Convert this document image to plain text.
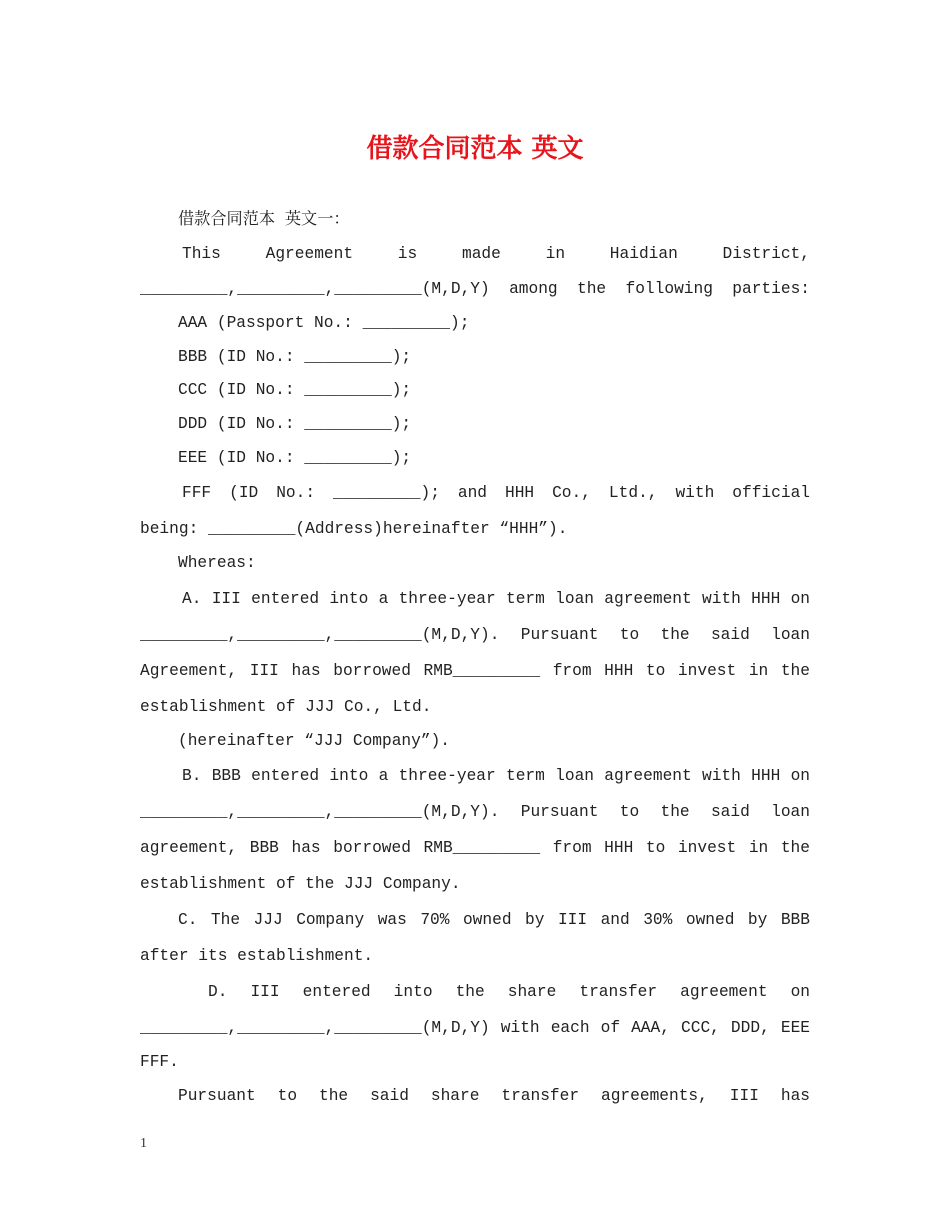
借款合同范本 英文
借款合同范本 英文一：
This Agreement is made in Haidian District,
_________,_________,_________(M,D,Y) among the following parties:
AAA (Passport No.: _________);
BBB (ID No.: _________);
CCC (ID No.: _________);
DDD (ID No.: _________);
EEE (ID No.: _________);
FFF (ID No.: _________); and HHH Co., Ltd., with official
being: _________(Address)hereinafter “HHH”).
Whereas:
A. III entered into a three-year term loan agreement with HHH on
_________,_________,_________(M,D,Y). Pursuant to the said loan
Agreement, III has borrowed RMB_________ from HHH to invest in the
establishment of JJJ Co., Ltd.
(hereinafter “JJJ Company”).
B. BBB entered into a three-year term loan agreement with HHH on
_________,_________,_________(M,D,Y). Pursuant to the said loan
agreement, BBB has borrowed RMB_________ from HHH to invest in the
establishment of the JJJ Company.
C. The JJJ Company was 70% owned by III and 30% owned by BBB
after its establishment.
D. III entered into the share transfer agreement on
_________,_________,_________(M,D,Y) with each of AAA, CCC, DDD, EEE
FFF.
Pursuant to the said share transfer agreements, III has
1
